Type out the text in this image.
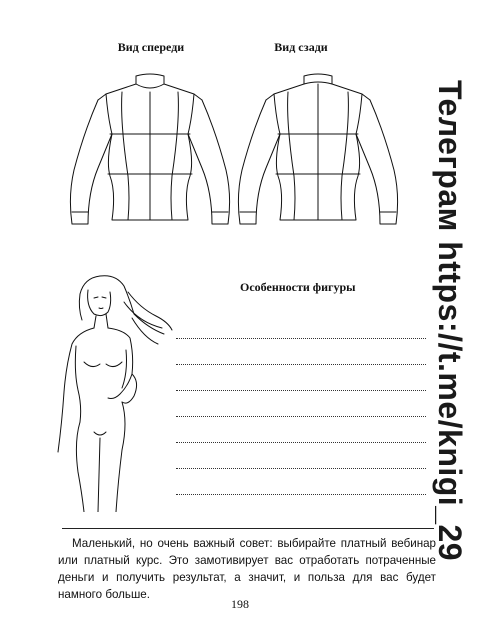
Вид спереди	Вид сзади
Особенности фигуры Телеграм https://t.me/knigi_29
Маленький, но очень важный совет: выбирайте платный вебинар или платный курс. Это замотивирует вас отработать потраченные деньги и получить результат, а значит, и польза для вас будет намного больше.
198
